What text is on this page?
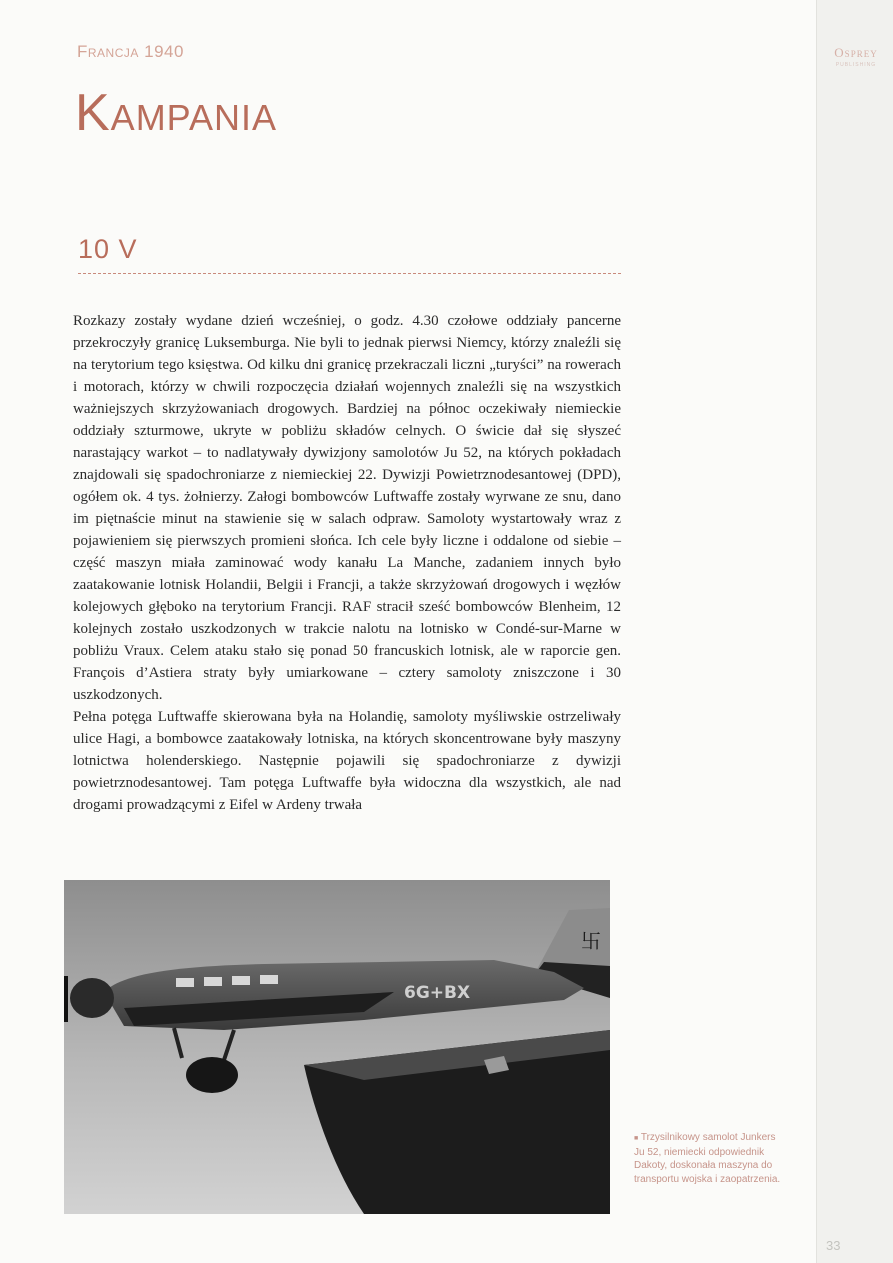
Osprey
PUBLISHING
Francja 1940
Kampania
10 V

Rozkazy zostały wydane dzień wcześniej, o godz. 4.30 czołowe oddziały pancerne przekroczyły granicę Luksemburga. Nie byli to jednak pierwsi Niemcy, którzy znaleźli się na terytorium tego księstwa. Od kilku dni granicę przekraczali liczni „turyści” na rowerach i motorach, którzy w chwili rozpoczęcia działań wojennych znaleźli się na wszystkich ważniejszych skrzyżowaniach drogowych. Bardziej na północ oczekiwały niemieckie oddziały szturmowe, ukryte w pobliżu składów celnych. O świcie dał się słyszeć narastający warkot – to nadlatywały dywizjony samolotów Ju 52, na których pokładach znajdowali się spadochroniarze z niemieckiej 22. Dywizji Powietrznodesantowej (DPD), ogółem ok. 4 tys. żołnierzy. Załogi bombowców Luftwaffe zostały wyrwane ze snu, dano im piętnaście minut na stawienie się w salach odpraw. Samoloty wystartowały wraz z pojawieniem się pierwszych promieni słońca. Ich cele były liczne i oddalone od siebie – część maszyn miała zaminować wody kanału La Manche, zadaniem innych było zaatakowanie lotnisk Holandii, Belgii i Francji, a także skrzyżowań drogowych i węzłów kolejowych głęboko na terytorium Francji. RAF stracił sześć bombowców Blenheim, 12 kolejnych zostało uszkodzonych w trakcie nalotu na lotnisko w Condé-sur-Marne w pobliżu Vraux. Celem ataku stało się ponad 50 francuskich lotnisk, ale w raporcie gen. François d’Astiera straty były umiarkowane – cztery samoloty zniszczone i 30 uszkodzonych.

Pełna potęga Luftwaffe skierowana była na Holandię, samoloty myśliwskie ostrzeliwały ulice Hagi, a bombowce zaatakowały lotniska, na których skoncentrowane były maszyny lotnictwa holenderskiego. Następnie pojawili się spadochroniarze z dywizji powietrznodesantowej. Tam potęga Luftwaffe była widoczna dla wszystkich, ale nad drogami prowadzącymi z Eifel w Ardeny trwała

卐
6G+BX
■ Trzysilnikowy samolot Junkers Ju 52, niemiecki odpowiednik Dakoty, doskonała maszyna do transportu wojska i zaopatrzenia.
33
